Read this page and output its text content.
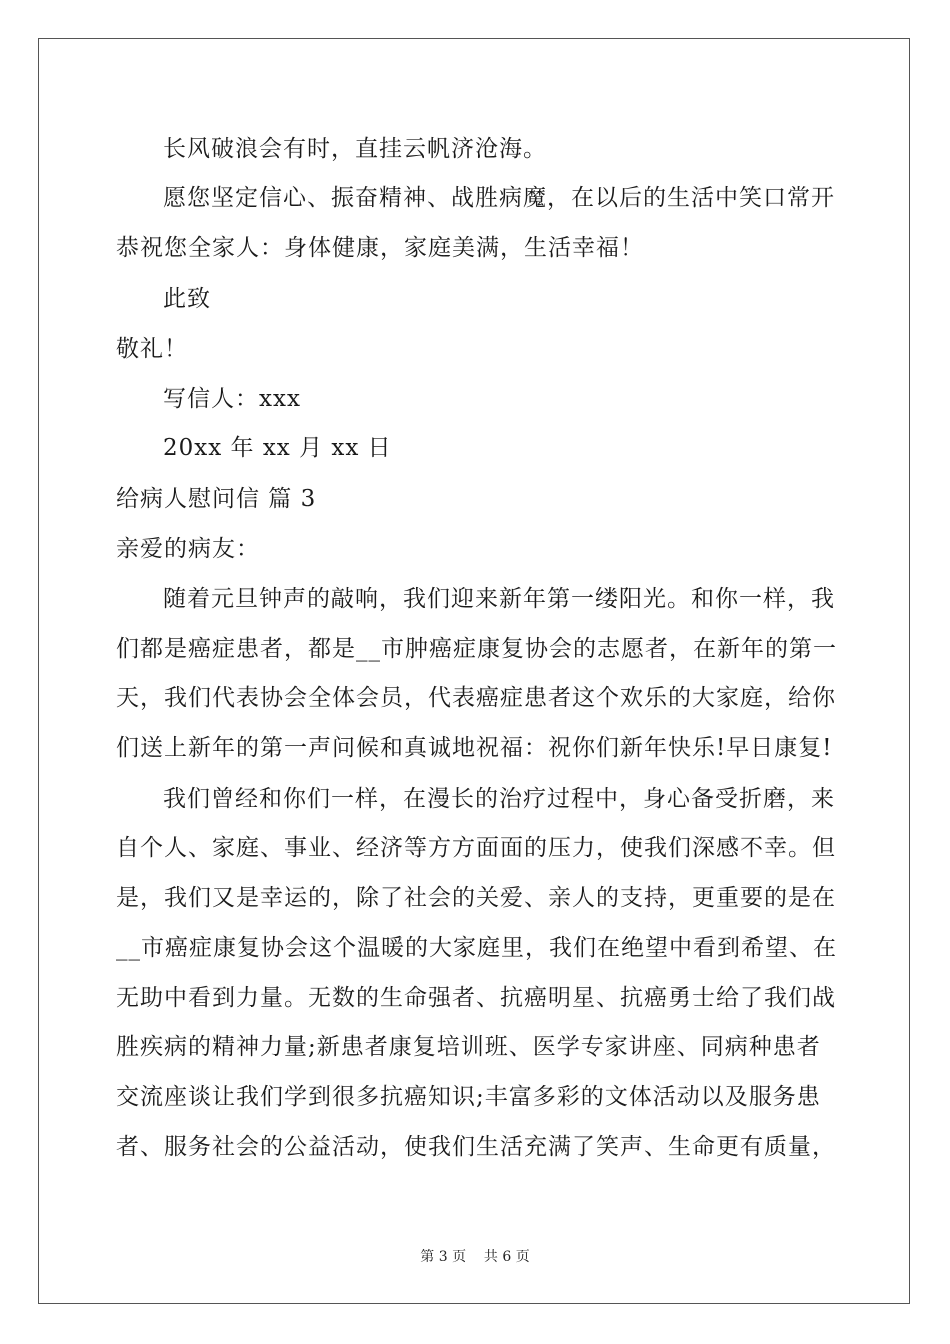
长风破浪会有时，直挂云帆济沧海。
愿您坚定信心、振奋精神、战胜病魔，在以后的生活中笑口常开
恭祝您全家人：身体健康，家庭美满，生活幸福！
此致
敬礼！
写信人：xxx
20xx 年 xx 月 xx 日
给病人慰问信 篇 3
亲爱的病友：
随着元旦钟声的敲响，我们迎来新年第一缕阳光。和你一样，我
们都是癌症患者，都是__市肿癌症康复协会的志愿者，在新年的第一
天，我们代表协会全体会员，代表癌症患者这个欢乐的大家庭，给你
们送上新年的第一声问候和真诚地祝福：祝你们新年快乐!早日康复!
我们曾经和你们一样，在漫长的治疗过程中，身心备受折磨，来
自个人、家庭、事业、经济等方方面面的压力，使我们深感不幸。但
是，我们又是幸运的，除了社会的关爱、亲人的支持，更重要的是在
__市癌症康复协会这个温暖的大家庭里，我们在绝望中看到希望、在
无助中看到力量。无数的生命强者、抗癌明星、抗癌勇士给了我们战
胜疾病的精神力量;新患者康复培训班、医学专家讲座、同病种患者
交流座谈让我们学到很多抗癌知识;丰富多彩的文体活动以及服务患
者、服务社会的公益活动，使我们生活充满了笑声、生命更有质量，
第 3 页    共 6 页
